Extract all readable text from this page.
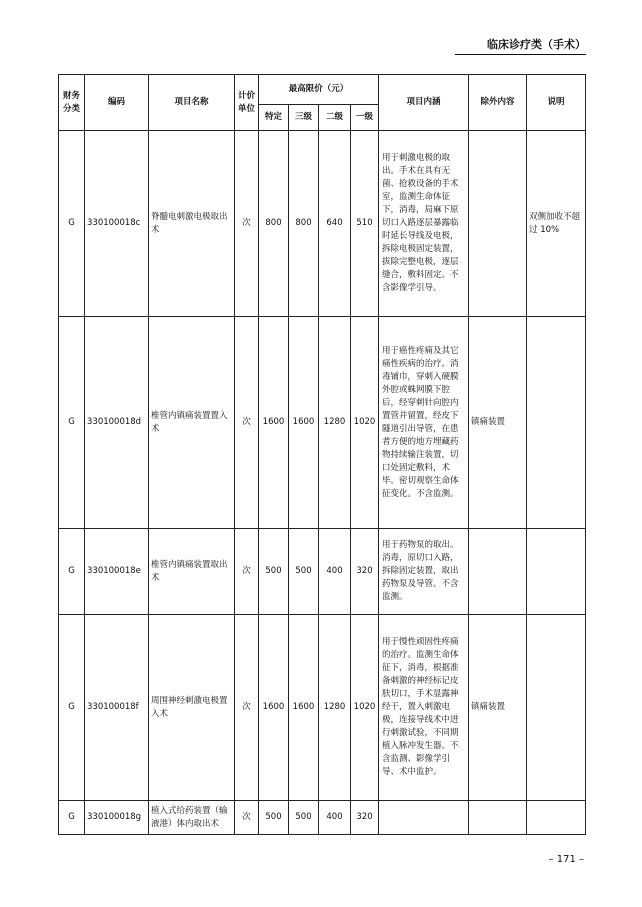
临床诊疗类（手术）
财务分类	编码	项目名称	计价单位	最高限价（元）				项目内涵	除外内容	说明
				特定	三级	二级	一级			
G	330100018c	脊髓电刺激电极取出术	次	800	800	640	510	用于刺激电极的取出。手术在具有无菌、抢救设备的手术室，监测生命体征下，消毒，局麻下原切口入路逐层暴露临时延长导线及电极，拆除电极固定装置，拔除完整电极，逐层缝合，敷料固定。不含影像学引导。		双侧加收不超过 10%
G	330100018d	椎管内镇痛装置置入术	次	1600	1600	1280	1020	用于癌性疼痛及其它痛性疾病的治疗。消毒铺巾，穿刺入硬膜外腔或蛛网膜下腔后，经穿刺针向腔内置管并留置，经皮下隧道引出导管，在患者方便的地方埋藏药物持续输注装置，切口处固定敷料，术毕。密切观察生命体征变化。不含监测。	镇痛装置	
G	330100018e	椎管内镇痛装置取出术	次	500	500	400	320	用于药物泵的取出。消毒，原切口入路，拆除固定装置，取出药物泵及导管。不含监测。		
G	330100018f	周围神经刺激电极置入术	次	1600	1600	1280	1020	用于慢性顽固性疼痛的治疗。监测生命体征下，消毒，根据准备刺激的神经标记皮肤切口，手术显露神经干，置入刺激电极，连接导线术中进行刺激试验，不同期植入脉冲发生器。不含监测、影像学引导、术中监护。	镇痛装置	
G	330100018g	植入式给药装置（输液港）体内取出术	次	500	500	400	320			
– 171 –
